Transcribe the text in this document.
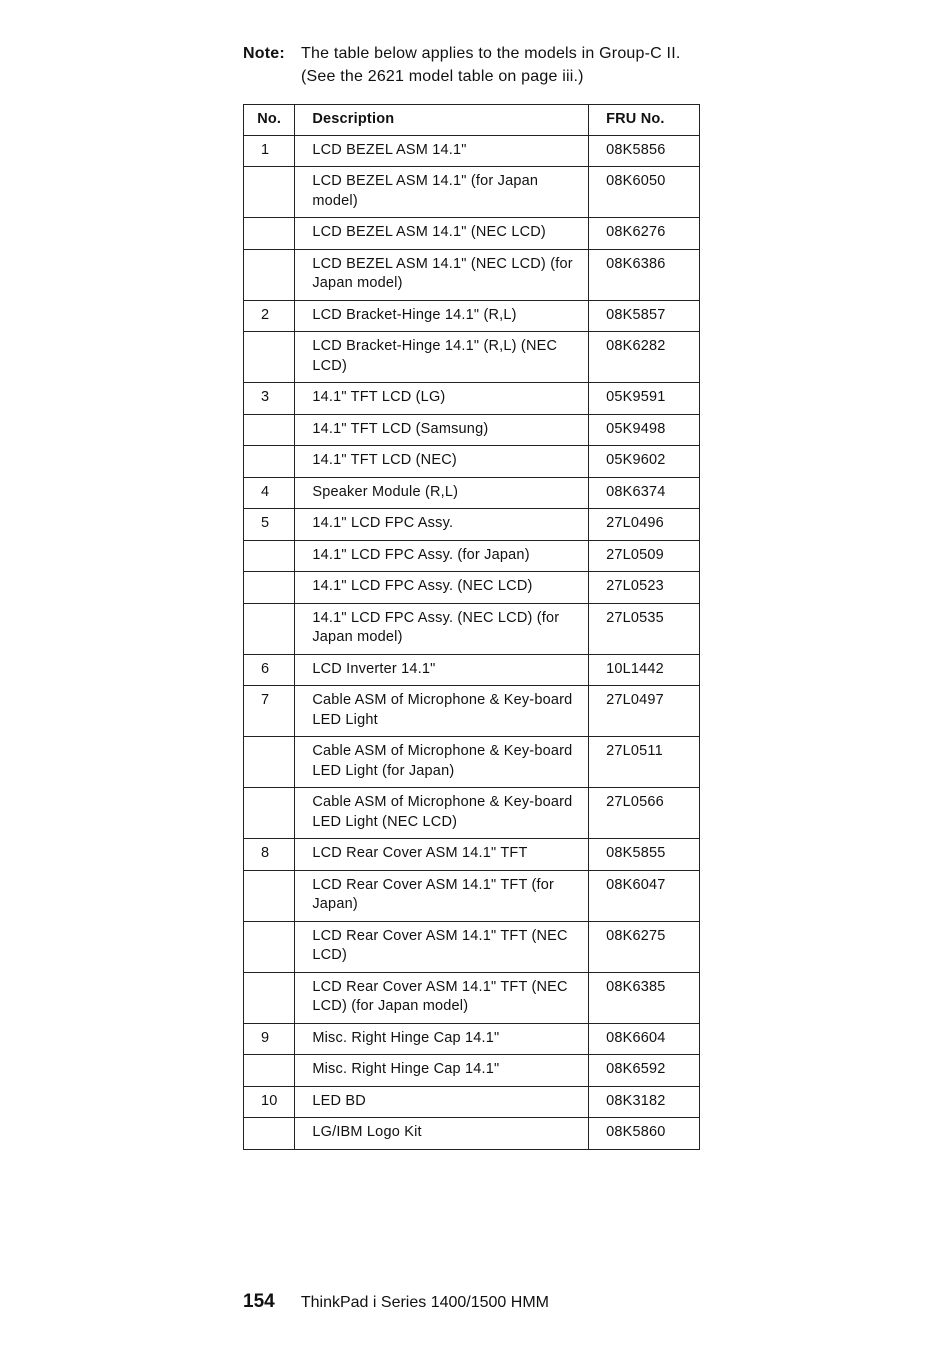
Note: The table below applies to the models in Group-C II. (See the 2621 model table on page iii.)
No.	Description	FRU No.
1	LCD BEZEL ASM 14.1"	08K5856
	LCD BEZEL ASM 14.1" (for Japan model)	08K6050
	LCD BEZEL ASM 14.1" (NEC LCD)	08K6276
	LCD BEZEL ASM 14.1" (NEC LCD) (for Japan model)	08K6386
2	LCD Bracket-Hinge 14.1" (R,L)	08K5857
	LCD Bracket-Hinge 14.1" (R,L) (NEC LCD)	08K6282
3	14.1" TFT LCD (LG)	05K9591
	14.1" TFT LCD (Samsung)	05K9498
	14.1" TFT LCD (NEC)	05K9602
4	Speaker Module (R,L)	08K6374
5	14.1" LCD FPC Assy.	27L0496
	14.1" LCD FPC Assy. (for Japan)	27L0509
	14.1" LCD FPC Assy. (NEC LCD)	27L0523
	14.1" LCD FPC Assy. (NEC LCD) (for Japan model)	27L0535
6	LCD Inverter 14.1"	10L1442
7	Cable ASM of Microphone & Key-board LED Light	27L0497
	Cable ASM of Microphone & Key-board LED Light (for Japan)	27L0511
	Cable ASM of Microphone & Key-board LED Light (NEC LCD)	27L0566
8	LCD Rear Cover ASM 14.1" TFT	08K5855
	LCD Rear Cover ASM 14.1" TFT (for Japan)	08K6047
	LCD Rear Cover ASM 14.1" TFT (NEC LCD)	08K6275
	LCD Rear Cover ASM 14.1" TFT (NEC LCD) (for Japan model)	08K6385
9	Misc. Right Hinge Cap 14.1"	08K6604
	Misc. Right Hinge Cap 14.1"	08K6592
10	LED BD	08K3182
	LG/IBM Logo Kit	08K5860
154 ThinkPad i Series 1400/1500 HMM
